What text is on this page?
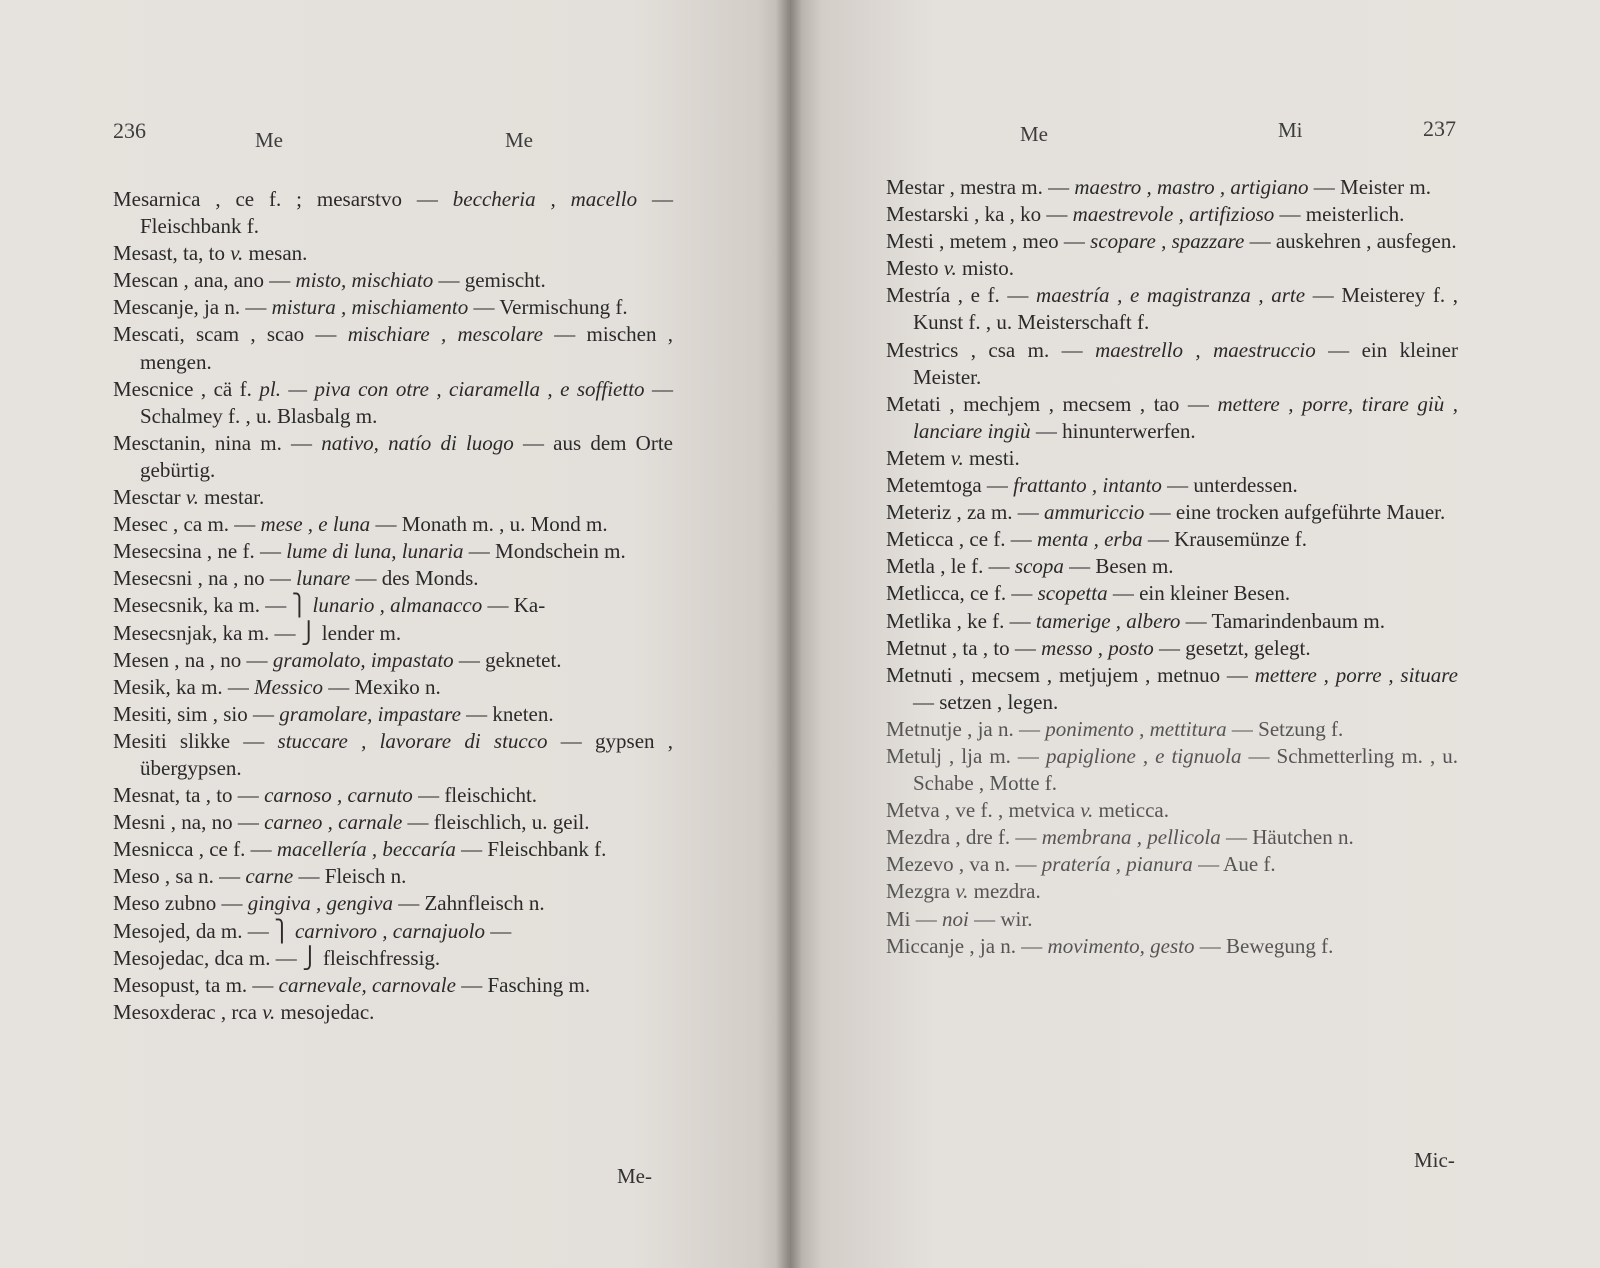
236	Me	Me
Mesarnica , ce f. ; mesarstvo — beccheria , macello — Fleischbank f.
Mesast, ta, to v. mesan.
Mescan , ana, ano — misto, mischiato — gemischt.
Mescanje, ja n. — mistura , mischiamento — Vermischung f.
Mescati, scam , scao — mischiare , mescolare — mischen , mengen.
Mescnice , cä f. pl. — piva con otre , ciaramella , e soffietto — Schalmey f. , u. Blasbalg m.
Mesctanin, nina m. — nativo, natío di luogo — aus dem Orte gebürtig.
Mesctar v. mestar.
Mesec , ca m. — mese , e luna — Monath m. , u. Mond m.
Mesecsina , ne f. — lume di luna, lunaria — Mondschein m.
Mesecsni , na , no — lunare — des Monds.
Mesecsnik, ka m. — ⎫ lunario , almanacco — Ka-
Mesecsnjak, ka m. — ⎭ lender m.
Mesen , na , no — gramolato, impastato — geknetet.
Mesik, ka m. — Messico — Mexiko n.
Mesiti, sim , sio — gramolare, impastare — kneten.
Mesiti slikke — stuccare , lavorare di stucco — gypsen , übergypsen.
Mesnat, ta , to — carnoso , carnuto — fleischicht.
Mesni , na, no — carneo , carnale — fleischlich, u. geil.
Mesnicca , ce f. — macellería , beccaría — Fleischbank f.
Meso , sa n. — carne — Fleisch n.
Meso zubno — gingiva , gengiva — Zahnfleisch n.
Mesojed, da m. — ⎫ carnivoro , carnajuolo —
Mesojedac, dca m. — ⎭ fleischfressig.
Mesopust, ta m. — carnevale, carnovale — Fasching m.
Mesoxderac , rca v. mesojedac.
Me-
Me	Mi	237
Mestar , mestra m. — maestro , mastro , artigiano — Meister m.
Mestarski , ka , ko — maestrevole , artifizioso — meisterlich.
Mesti , metem , meo — scopare , spazzare — auskehren , ausfegen.
Mesto v. misto.
Mestría , e f. — maestría , e magistranza , arte — Meisterey f. , Kunst f. , u. Meisterschaft f.
Mestrics , csa m. — maestrello , maestruccio — ein kleiner Meister.
Metati , mechjem , mecsem , tao — mettere , porre, tirare giù , lanciare ingiù — hinunterwerfen.
Metem v. mesti.
Metemtoga — frattanto , intanto — unterdessen.
Meteriz , za m. — ammuriccio — eine trocken aufgeführte Mauer.
Meticca , ce f. — menta , erba — Krausemünze f.
Metla , le f. — scopa — Besen m.
Metlicca, ce f. — scopetta — ein kleiner Besen.
Metlika , ke f. — tamerige , albero — Tamarindenbaum m.
Metnut , ta , to — messo , posto — gesetzt, gelegt.
Metnuti , mecsem , metjujem , metnuo — mettere , porre , situare — setzen , legen.
Metnutje , ja n. — ponimento , mettitura — Setzung f.
Metulj , lja m. — papiglione , e tignuola — Schmetterling m. , u. Schabe , Motte f.
Metva , ve f. , metvica v. meticca.
Mezdra , dre f. — membrana , pellicola — Häutchen n.
Mezevo , va n. — pratería , pianura — Aue f.
Mezgra v. mezdra.
Mi — noi — wir.
Miccanje , ja n. — movimento, gesto — Bewegung f.
Mic-
